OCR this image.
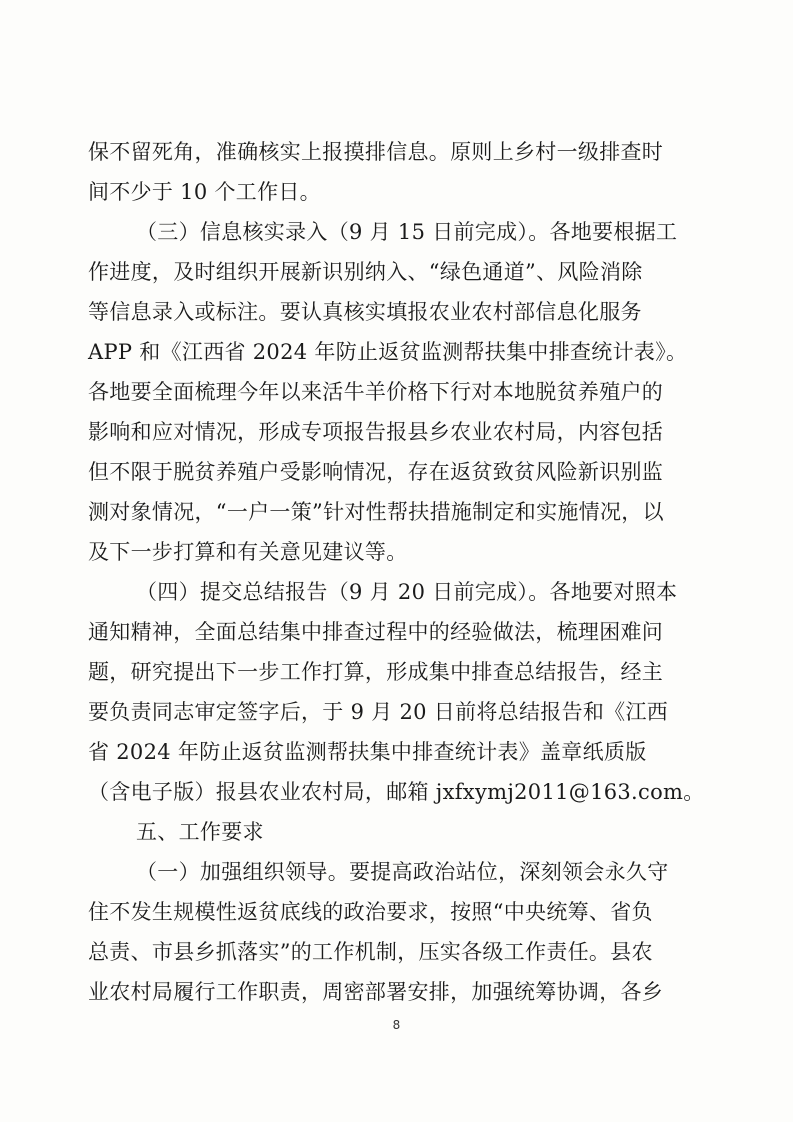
保不留死角，准确核实上报摸排信息。原则上乡村一级排查时
间不少于 10 个工作日。
（三）信息核实录入（9 月 15 日前完成）。各地要根据工
作进度，及时组织开展新识别纳入、“绿色通道”、风险消除
等信息录入或标注。要认真核实填报农业农村部信息化服务
APP 和《江西省 2024 年防止返贫监测帮扶集中排查统计表》。
各地要全面梳理今年以来活牛羊价格下行对本地脱贫养殖户的
影响和应对情况，形成专项报告报县乡农业农村局，内容包括
但不限于脱贫养殖户受影响情况，存在返贫致贫风险新识别监
测对象情况，“一户一策”针对性帮扶措施制定和实施情况，以
及下一步打算和有关意见建议等。
（四）提交总结报告（9 月 20 日前完成）。各地要对照本
通知精神，全面总结集中排查过程中的经验做法，梳理困难问
题，研究提出下一步工作打算，形成集中排查总结报告，经主
要负责同志审定签字后，于 9 月 20 日前将总结报告和《江西
省 2024 年防止返贫监测帮扶集中排查统计表》盖章纸质版
（含电子版）报县农业农村局，邮箱 jxfxymj2011@163.com。
五、工作要求
（一）加强组织领导。要提高政治站位，深刻领会永久守
住不发生规模性返贫底线的政治要求，按照“中央统筹、省负
总责、市县乡抓落实”的工作机制，压实各级工作责任。县农
业农村局履行工作职责，周密部署安排，加强统筹协调，各乡
8
